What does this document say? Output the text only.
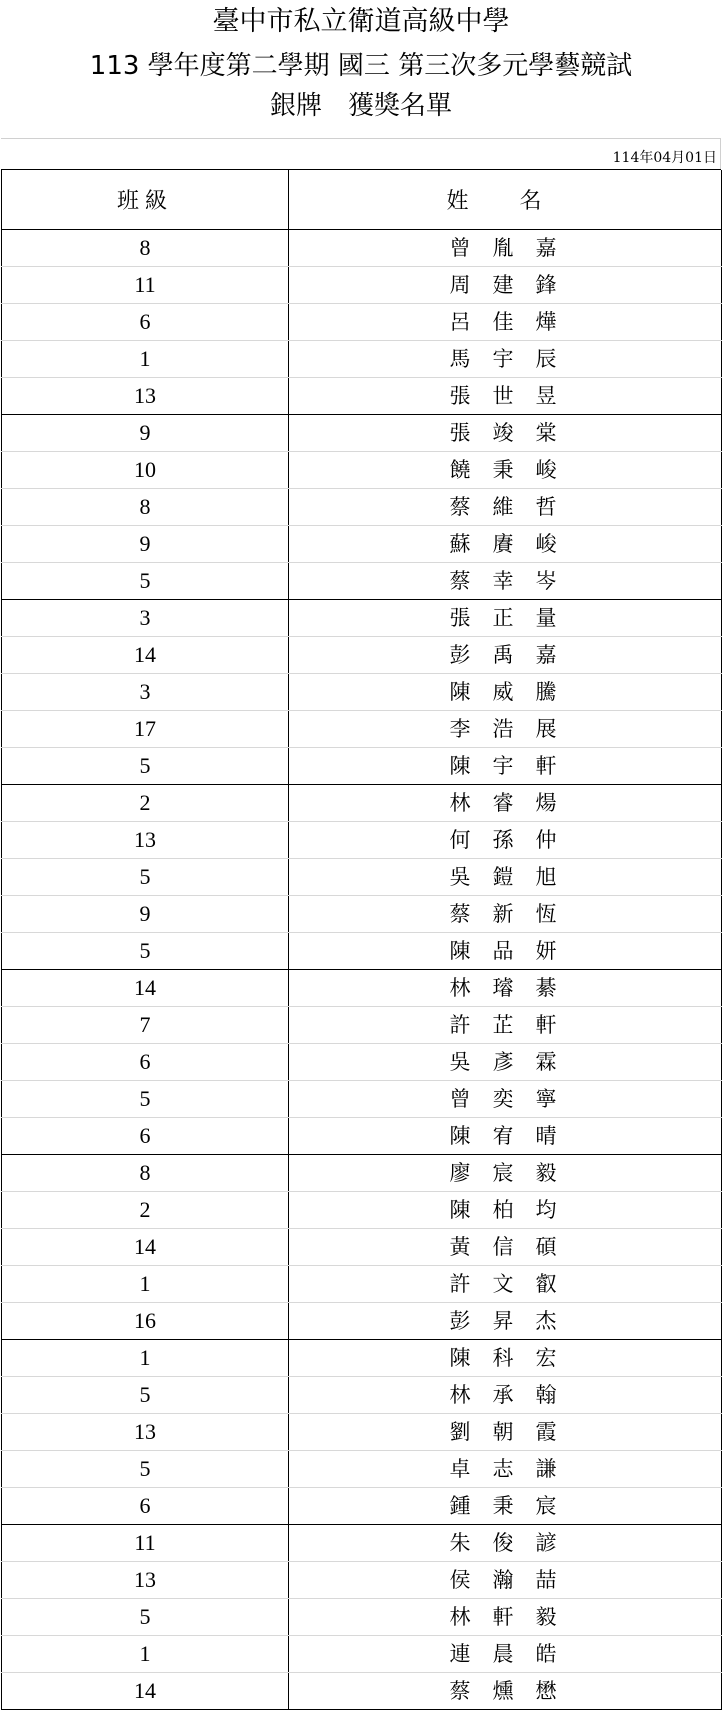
臺中市私立衛道高級中學
113 學年度第二學期 國三 第三次多元學藝競試
銀牌　獲獎名單
114年04月01日
班級	姓 名
8	曾胤嘉
11	周建鋒
6	呂佳燁
1	馬宇辰
13	張世昱
9	張竣棠
10	饒秉峻
8	蔡維哲
9	蘇賡峻
5	蔡幸岑
3	張正量
14	彭禹嘉
3	陳威騰
17	李浩展
5	陳宇軒
2	林睿煬
13	何孫仲
5	吳鎧旭
9	蔡新恆
5	陳品妍
14	林璿綦
7	許芷軒
6	吳彥霖
5	曾奕寧
6	陳宥晴
8	廖宸毅
2	陳柏均
14	黃信碩
1	許文叡
16	彭昇杰
1	陳科宏
5	林承翰
13	劉朝霞
5	卓志謙
6	鍾秉宸
11	朱俊諺
13	侯瀚喆
5	林軒毅
1	連晨皓
14	蔡燻懋
